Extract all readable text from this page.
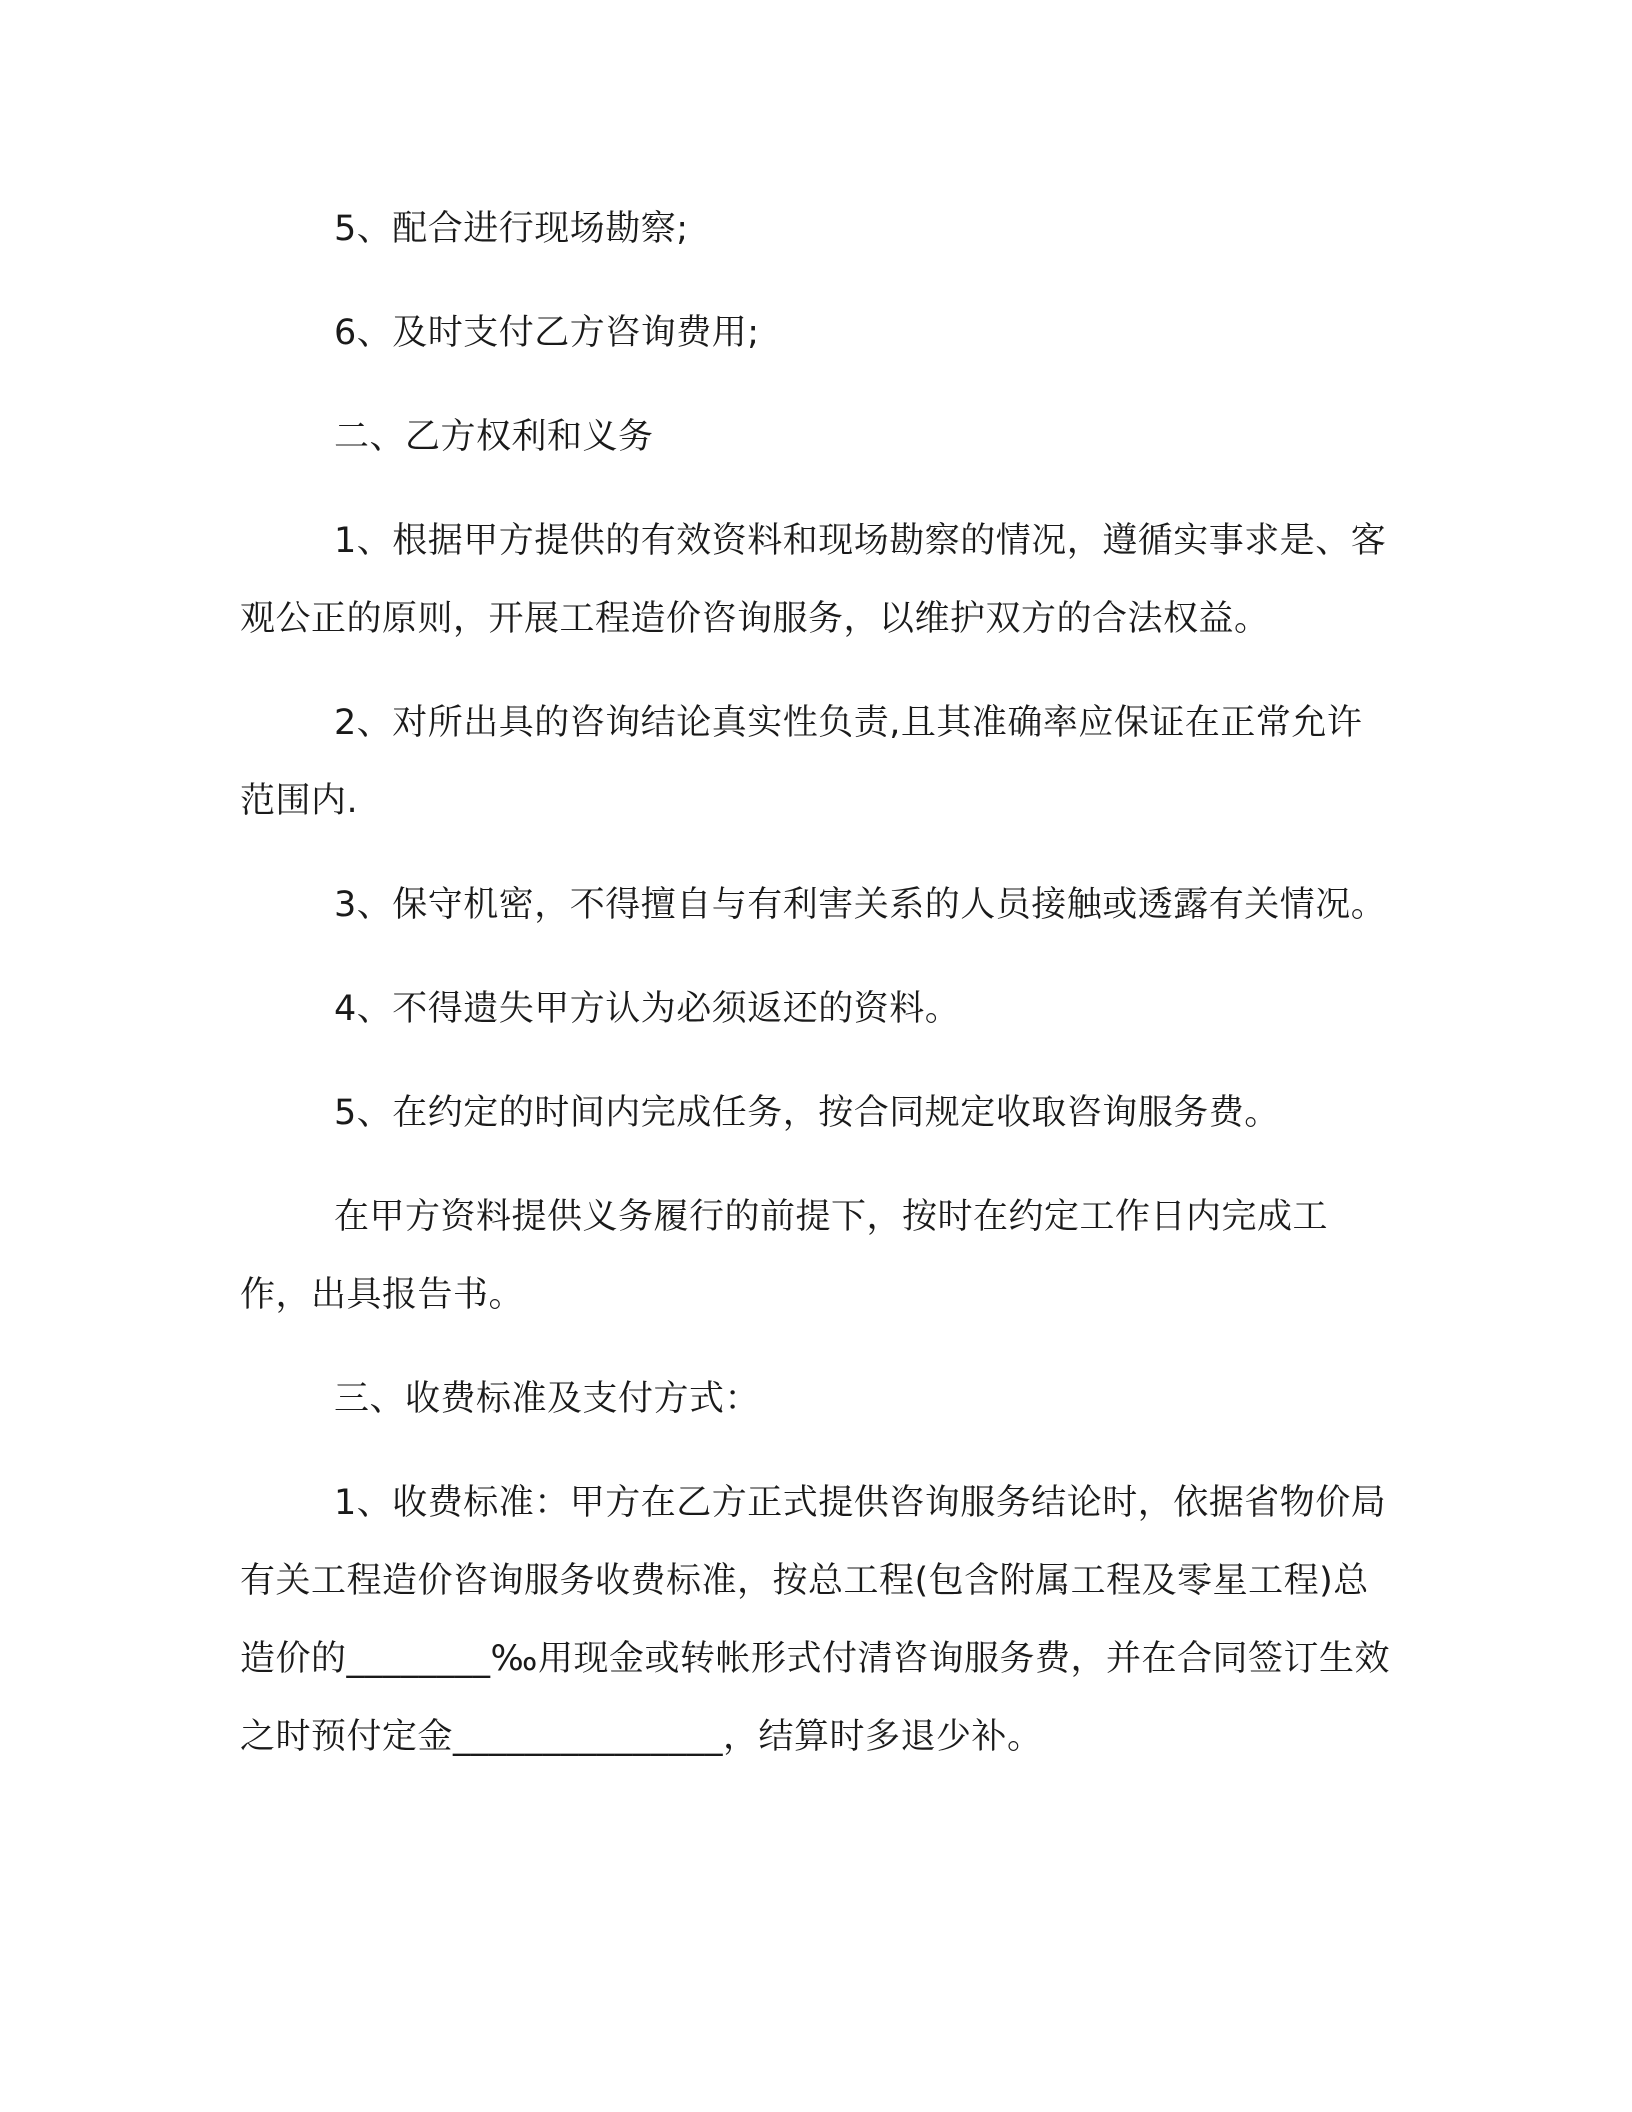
5、配合进行现场勘察;

6、及时支付乙方咨询费用;

二、乙方权利和义务

1、根据甲方提供的有效资料和现场勘察的情况，遵循实事求是、客观公正的原则，开展工程造价咨询服务，以维护双方的合法权益。

2、对所出具的咨询结论真实性负责,且其准确率应保证在正常允许范围内.

3、保守机密，不得擅自与有利害关系的人员接触或透露有关情况。

4、不得遗失甲方认为必须返还的资料。

5、在约定的时间内完成任务，按合同规定收取咨询服务费。

在甲方资料提供义务履行的前提下，按时在约定工作日内完成工作，出具报告书。

三、收费标准及支付方式：

1、收费标准：甲方在乙方正式提供咨询服务结论时，依据省物价局有关工程造价咨询服务收费标准，按总工程(包含附属工程及零星工程)总造价的________‰用现金或转帐形式付清咨询服务费，并在合同签订生效之时预付定金_______________，结算时多退少补。
